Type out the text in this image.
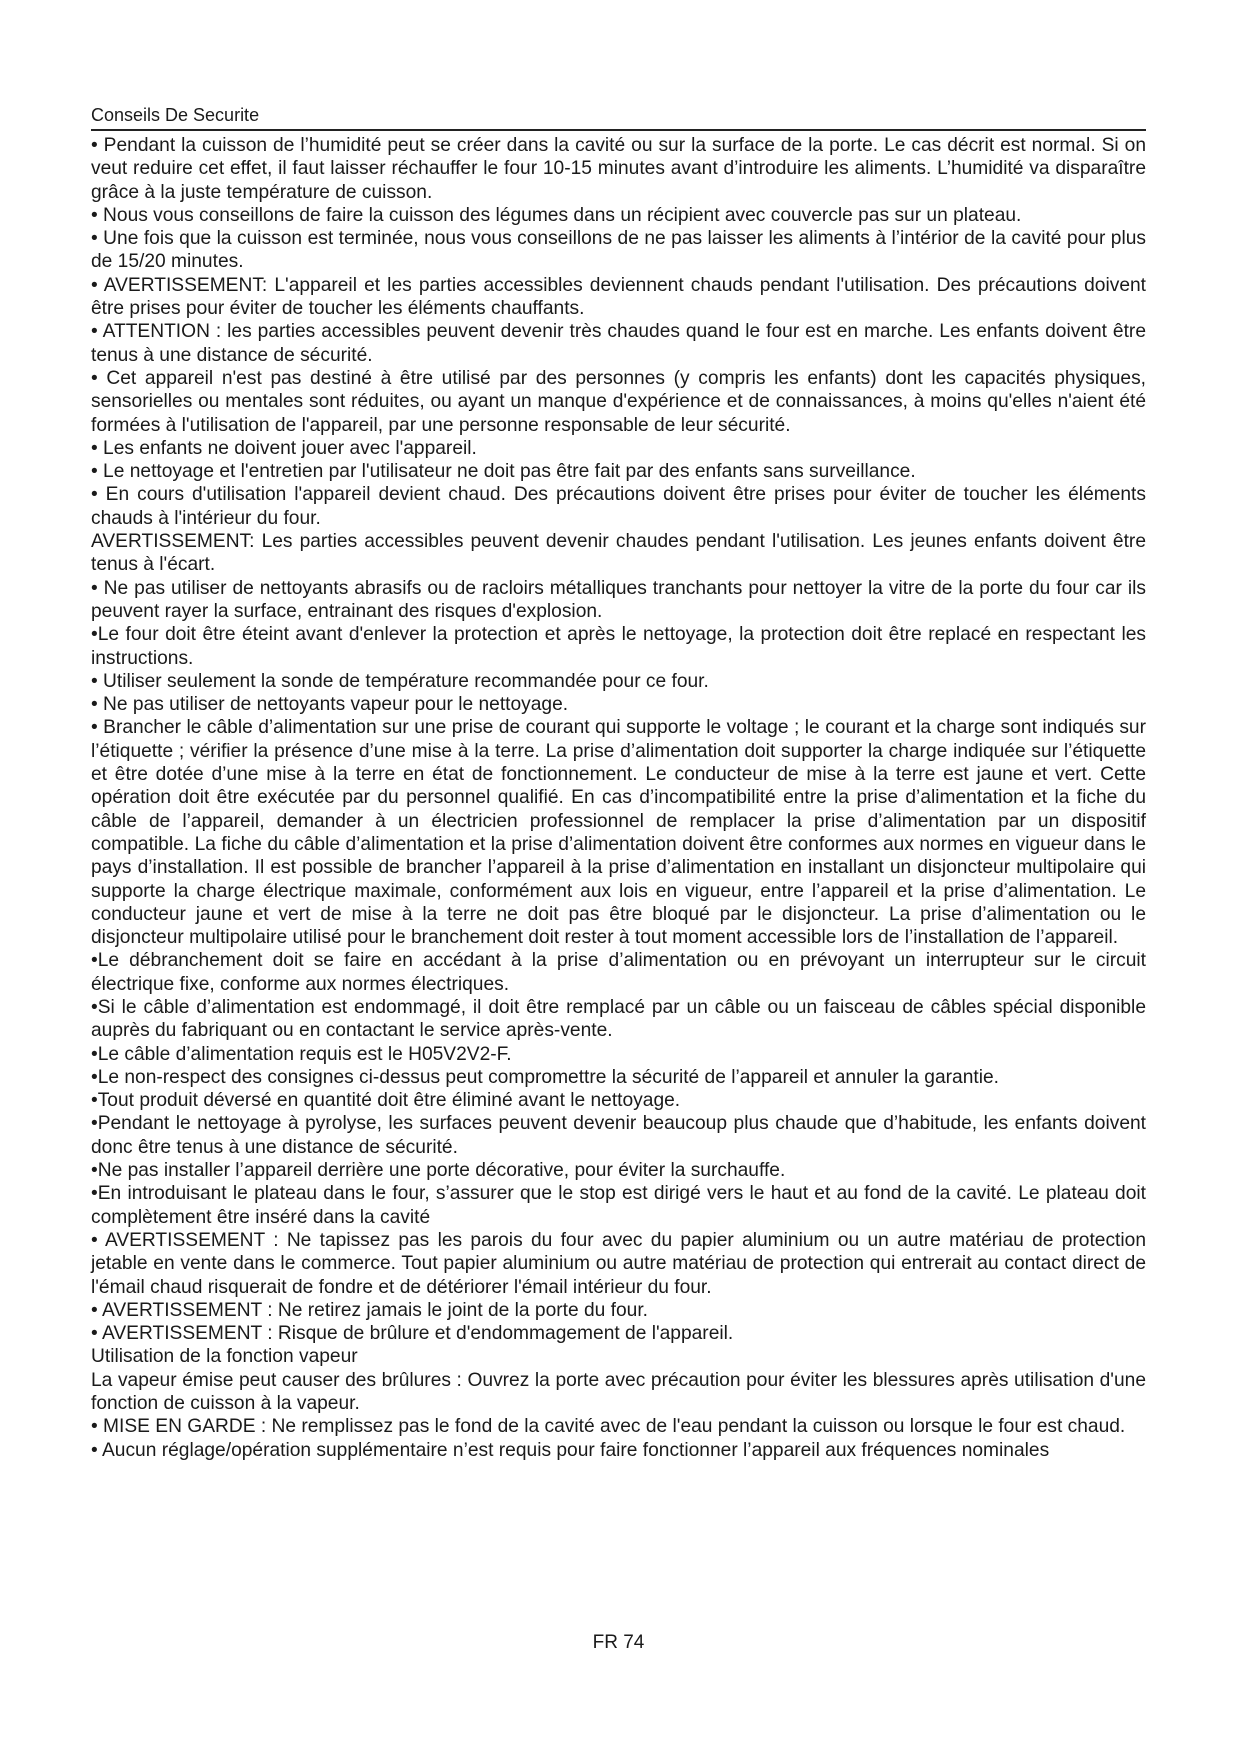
Conseils De Securite

• Pendant la cuisson de l’humidité peut se créer dans la cavité ou sur la surface de la porte. Le cas décrit est normal. Si on veut reduire cet effet, il faut laisser réchauffer le four 10-15 minutes avant d’introduire les aliments. L’humidité va disparaître grâce à la juste température de cuisson.

• Nous vous conseillons de faire la cuisson des légumes dans un récipient avec couvercle pas sur un plateau.

• Une fois que la cuisson est terminée, nous vous conseillons de ne pas laisser les aliments à l’intérior de la cavité pour plus de 15/20 minutes.

• AVERTISSEMENT: L'appareil et les parties accessibles deviennent chauds pendant l'utilisation. Des précautions doivent être prises pour éviter de toucher les éléments chauffants.

• ATTENTION : les parties accessibles peuvent devenir très chaudes quand le four est en marche. Les enfants doivent être tenus à une distance de sécurité.

• Cet appareil n'est pas destiné à être utilisé par des personnes (y compris les enfants) dont les capacités physiques, sensorielles ou mentales sont réduites, ou ayant un manque d'expérience et de connaissances, à moins qu'elles n'aient été formées à l'utilisation de l'appareil, par une personne responsable de leur sécurité.

• Les enfants ne doivent jouer avec l'appareil.

• Le nettoyage et l'entretien par l'utilisateur ne doit pas être fait par des enfants sans surveillance.

• En cours d'utilisation l'appareil devient chaud. Des précautions doivent être prises pour éviter de toucher les éléments chauds à l'intérieur du four.

AVERTISSEMENT: Les parties accessibles peuvent devenir chaudes pendant l'utilisation. Les jeunes enfants doivent être tenus à l'écart.

• Ne pas utiliser de nettoyants abrasifs ou de racloirs métalliques tranchants pour nettoyer la vitre de la porte du four car ils peuvent rayer la surface, entrainant des risques d'explosion.

•Le four doit être éteint avant d'enlever la protection et après le nettoyage, la protection doit être replacé en respectant les instructions.

• Utiliser seulement la sonde de température recommandée pour ce four.

• Ne pas utiliser de nettoyants vapeur pour le nettoyage.

• Brancher le câble d’alimentation sur une prise de courant qui supporte le voltage ; le courant et la charge sont indiqués sur l’étiquette ; vérifier la présence d’une mise à la terre. La prise d’alimentation doit supporter la charge indiquée sur l’étiquette et être dotée d’une mise à la terre en état de fonctionnement. Le conducteur de mise à la terre est jaune et vert. Cette opération doit être exécutée par du personnel qualifié. En cas d’incompatibilité entre la prise d’alimentation et la fiche du câble de l’appareil, demander à un électricien professionnel de remplacer la prise d’alimentation par un dispositif compatible. La fiche du câble d’alimentation et la prise d’alimentation doivent être conformes aux normes en vigueur dans le pays d’installation. Il est possible de brancher l’appareil à la prise d’alimentation en installant un disjoncteur multipolaire qui supporte la charge électrique maximale, conformément aux lois en vigueur, entre l’appareil et la prise d’alimentation. Le conducteur jaune et vert de mise à la terre ne doit pas être bloqué par le disjoncteur. La prise d’alimentation ou le disjoncteur multipolaire utilisé pour le branchement doit rester à tout moment accessible lors de l’installation de l’appareil.

•Le débranchement doit se faire en accédant à la prise d’alimentation ou en prévoyant un interrupteur sur le circuit électrique fixe, conforme aux normes électriques.

•Si le câble d’alimentation est endommagé, il doit être remplacé par un câble ou un faisceau de câbles spécial disponible auprès du fabriquant ou en contactant le service après-vente.

•Le câble d’alimentation requis est le H05V2V2-F.

•Le non-respect des consignes ci-dessus peut compromettre la sécurité de l’appareil et annuler la garantie.

•Tout produit déversé en quantité doit être éliminé avant le nettoyage.

•Pendant le nettoyage à pyrolyse, les surfaces peuvent devenir beaucoup plus chaude que d’habitude, les enfants doivent donc être tenus à une distance de sécurité.

•Ne pas installer l’appareil derrière une porte décorative, pour éviter la surchauffe.

•En introduisant le plateau dans le four, s’assurer que le stop est dirigé vers le haut et au fond de la cavité. Le plateau doit complètement être inséré dans la cavité

• AVERTISSEMENT : Ne tapissez pas les parois du four avec du papier aluminium ou un autre matériau de protection jetable en vente dans le commerce. Tout papier aluminium ou autre matériau de protection qui entrerait au contact direct de l'émail chaud risquerait de fondre et de détériorer l'émail intérieur du four.

• AVERTISSEMENT : Ne retirez jamais le joint de la porte du four.

• AVERTISSEMENT : Risque de brûlure et d'endommagement de l'appareil.

Utilisation de la fonction vapeur

La vapeur émise peut causer des brûlures : Ouvrez la porte avec précaution pour éviter les blessures après utilisation d'une fonction de cuisson à la vapeur.

• MISE EN GARDE : Ne remplissez pas le fond de la cavité avec de l'eau pendant la cuisson ou lorsque le four est chaud.

• Aucun réglage/opération supplémentaire n’est requis pour faire fonctionner l’appareil aux fréquences nominales

FR 74
